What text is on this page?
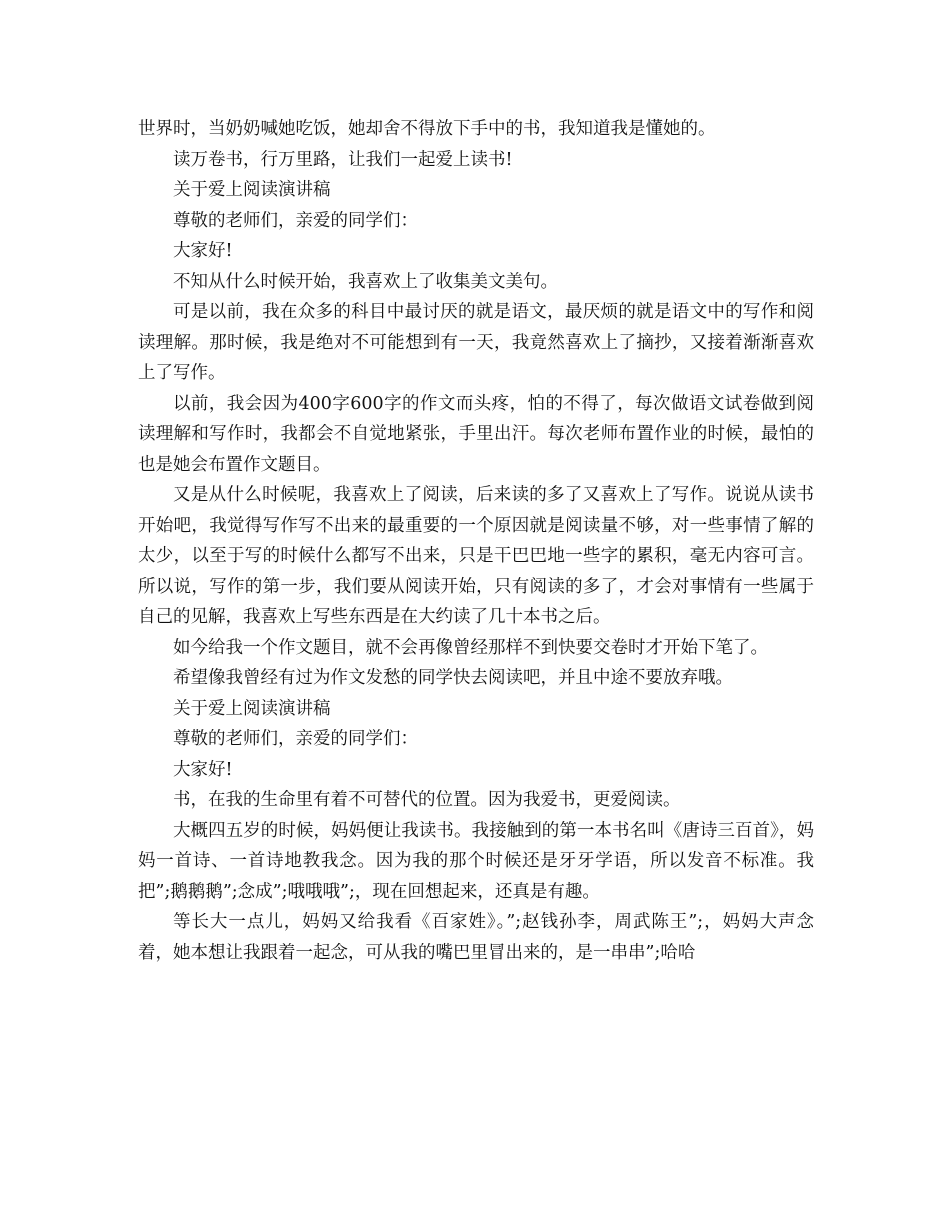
世界时，当奶奶喊她吃饭，她却舍不得放下手中的书，我知道我是懂她的。

读万卷书，行万里路，让我们一起爱上读书!

关于爱上阅读演讲稿

尊敬的老师们，亲爱的同学们：

大家好!

不知从什么时候开始，我喜欢上了收集美文美句。

可是以前，我在众多的科目中最讨厌的就是语文，最厌烦的就是语文中的写作和阅读理解。那时候，我是绝对不可能想到有一天，我竟然喜欢上了摘抄，又接着渐渐喜欢上了写作。

以前，我会因为400字600字的作文而头疼，怕的不得了，每次做语文试卷做到阅读理解和写作时，我都会不自觉地紧张，手里出汗。每次老师布置作业的时候，最怕的也是她会布置作文题目。

又是从什么时候呢，我喜欢上了阅读，后来读的多了又喜欢上了写作。说说从读书开始吧，我觉得写作写不出来的最重要的一个原因就是阅读量不够，对一些事情了解的太少，以至于写的时候什么都写不出来，只是干巴巴地一些字的累积，毫无内容可言。所以说，写作的第一步，我们要从阅读开始，只有阅读的多了，才会对事情有一些属于自己的见解，我喜欢上写些东西是在大约读了几十本书之后。

如今给我一个作文题目，就不会再像曾经那样不到快要交卷时才开始下笔了。

希望像我曾经有过为作文发愁的同学快去阅读吧，并且中途不要放弃哦。

关于爱上阅读演讲稿

尊敬的老师们，亲爱的同学们：

大家好!

书，在我的生命里有着不可替代的位置。因为我爱书，更爱阅读。

大概四五岁的时候，妈妈便让我读书。我接触到的第一本书名叫《唐诗三百首》，妈妈一首诗、一首诗地教我念。因为我的那个时候还是牙牙学语，所以发音不标准。我把”;鹅鹅鹅”;念成”;哦哦哦”;，现在回想起来，还真是有趣。

等长大一点儿，妈妈又给我看《百家姓》。”;赵钱孙李，周武陈王”;，妈妈大声念着，她本想让我跟着一起念，可从我的嘴巴里冒出来的，是一串串”;哈哈
